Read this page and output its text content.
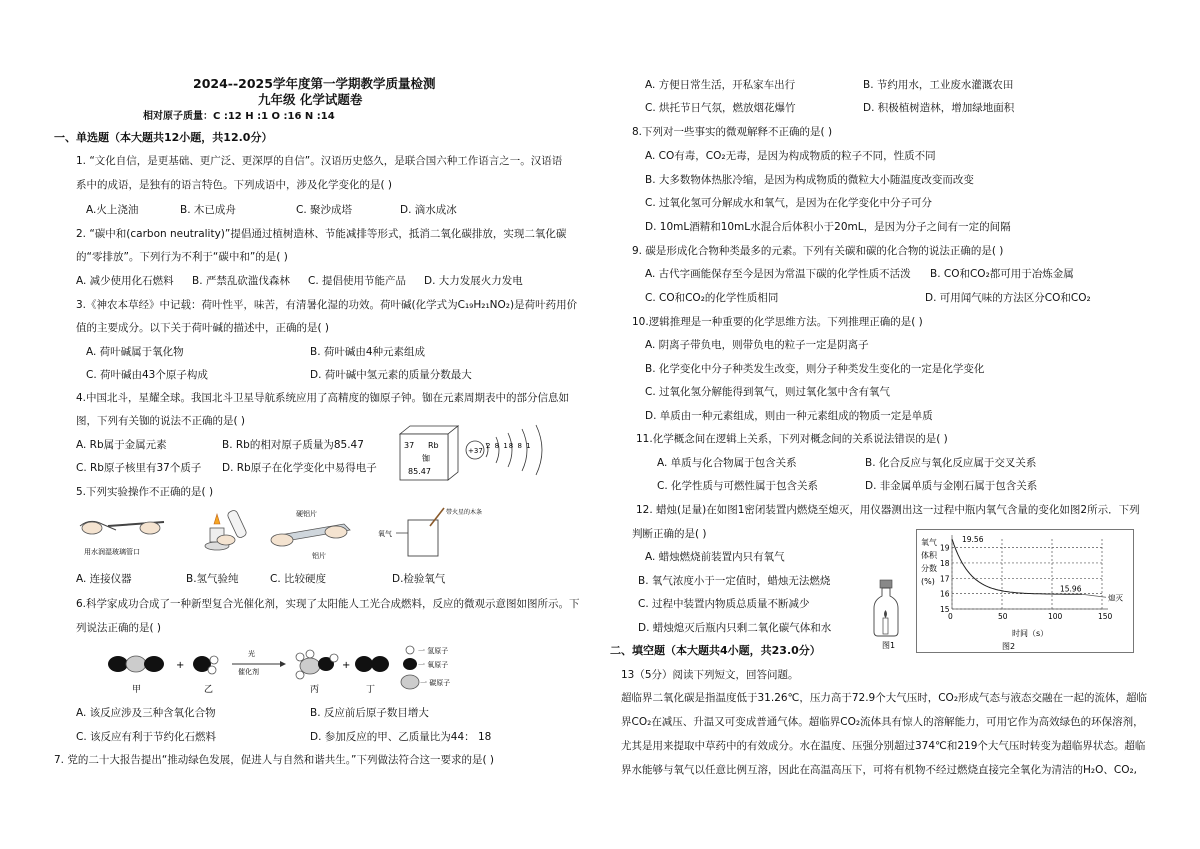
2024--2025学年度第一学期教学质量检测
九年级 化学试题卷
相对原子质量：C :12 H :1 O :16 N :14
一、单选题（本大题共12小题，共12.0分）
1. “文化自信，是更基础、更广泛、更深厚的自信”。汉语历史悠久，是联合国六种工作语言之一。汉语语
系中的成语，是独有的语言特色。下列成语中，涉及化学变化的是( )
A.火上浇油	B. 木已成舟	C. 聚沙成塔	D. 滴水成冰
2. “碳中和(carbon neutrality)”提倡通过植树造林、节能减排等形式，抵消二氧化碳排放，实现二氧化碳
的“零排放”。下列行为不利于“碳中和”的是( )
A. 减少使用化石燃料 B. 严禁乱砍滥伐森林 C. 提倡使用节能产品 D. 大力发展火力发电
3.《神农本草经》中记载：荷叶性平，味苦，有清暑化湿的功效。荷叶碱(化学式为C₁₉H₂₁NO₂)是荷叶药用价
值的主要成分。以下关于荷叶碱的描述中，正确的是( )
A. 荷叶碱属于氧化物	B. 荷叶碱由4种元素组成
C. 荷叶碱由43个原子构成	D. 荷叶碱中氢元素的质量分数最大
4.中国北斗，星耀全球。我国北斗卫星导航系统应用了高精度的铷原子钟。铷在元素周期表中的部分信息如
图，下列有关铷的说法不正确的是( )
A. Rb属于金属元素	B. Rb的相对原子质量为85.47
C. Rb原子核里有37个质子 D. Rb原子在化学变化中易得电子
37 Rb
铷
85.47
+37
2 8 18 8 1
5.下列实验操作不正确的是( )
用水润湿玻璃管口
硬铝片
铝片
氧气
带火星的木条
A. 连接仪器	B.氢气验纯	C. 比较硬度	D.检验氧气
6.科学家成功合成了一种新型复合光催化剂，实现了太阳能人工光合成燃料，反应的微观示意图如图所示。下
列说法正确的是( )
甲
+
乙
光
催化剂
丙
+
丁
一 氢原子
一 氧原子
一 碳原子
A. 该反应涉及三种含氧化合物	B. 反应前后原子数目增大
C. 该反应有利于节约化石燃料	D. 参加反应的甲、乙质量比为44： 18
7. 党的二十大报告提出“推动绿色发展，促进人与自然和谐共生。”下列做法符合这一要求的是( )
A. 方便日常生活，开私家车出行	B. 节约用水，工业废水灌溉农田
C. 烘托节日气氛，燃放烟花爆竹	D. 积极植树造林，增加绿地面积
8.下列对一些事实的微观解释不正确的是( )
A. CO有毒，CO₂无毒，是因为构成物质的粒子不同，性质不同
B. 大多数物体热胀冷缩，是因为构成物质的微粒大小随温度改变而改变
C. 过氧化氢可分解成水和氧气，是因为在化学变化中分子可分
D. 10mL酒精和10mL水混合后体积小于20mL，是因为分子之间有一定的间隔
9. 碳是形成化合物种类最多的元素。下列有关碳和碳的化合物的说法正确的是( )
A. 古代字画能保存至今是因为常温下碳的化学性质不活泼 B. CO和CO₂都可用于冶炼金属
C. CO和CO₂的化学性质相同	D. 可用闻气味的方法区分CO和CO₂
10.逻辑推理是一种重要的化学思维方法。下列推理正确的是( )
A. 阴离子带负电，则带负电的粒子一定是阴离子
B. 化学变化中分子种类发生改变，则分子种类发生变化的一定是化学变化
C. 过氧化氢分解能得到氧气，则过氧化氢中含有氧气
D. 单质由一种元素组成，则由一种元素组成的物质一定是单质
11.化学概念间在逻辑上关系，下列对概念间的关系说法错误的是( )
A. 单质与化合物属于包含关系	B. 化合反应与氧化反应属于交叉关系
C. 化学性质与可燃性属于包含关系	D. 非金属单质与金刚石属于包含关系
12. 蜡烛(足量)在如图1密闭装置内燃烧至熄灭，用仪器测出这一过程中瓶内氧气含量的变化如图2所示．下列
判断正确的是( )
A. 蜡烛燃烧前装置内只有氧气
B. 氧气浓度小于一定值时，蜡烛无法燃烧
C. 过程中装置内物质总质量不断减少
D. 蜡烛熄灭后瓶内只剩二氧化碳气体和水
图1
氧气
体积
分数
(%)
19
18
17
16
15
0	50	100	150
19.56
15.96
熄灭
时间（s）
图2
二、填空题（本大题共4小题，共23.0分）
13（5分）阅读下列短文，回答问题。
超临界二氧化碳是指温度低于31.26℃，压力高于72.9个大气压时，CO₂形成气态与液态交融在一起的流体，超临
界CO₂在减压、升温又可变成普通气体。超临界CO₂流体具有惊人的溶解能力，可用它作为高效绿色的环保溶剂，
尤其是用来提取中草药中的有效成分。水在温度、压强分别超过374℃和219个大气压时转变为超临界状态。超临
界水能够与氧气以任意比例互溶，因此在高温高压下，可将有机物不经过燃烧直接完全氧化为清洁的H₂O、CO₂,
